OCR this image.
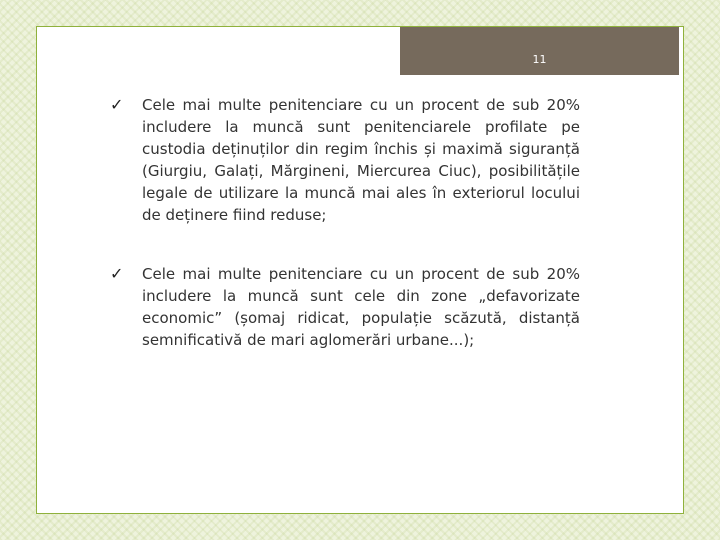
11
✓ Cele mai multe penitenciare cu un procent de sub 20% includere la muncă sunt penitenciarele profilate pe custodia deținuților din regim închis și maximă siguranță (Giurgiu, Galați, Mărgineni, Miercurea Ciuc), posibilitățile legale de utilizare la muncă mai ales în exteriorul locului de deținere fiind reduse;
✓ Cele mai multe penitenciare cu un procent de sub 20% includere la muncă sunt cele din zone „defavorizate economic” (șomaj ridicat, populație scăzută, distanță semnificativă de mari aglomerări urbane...);
